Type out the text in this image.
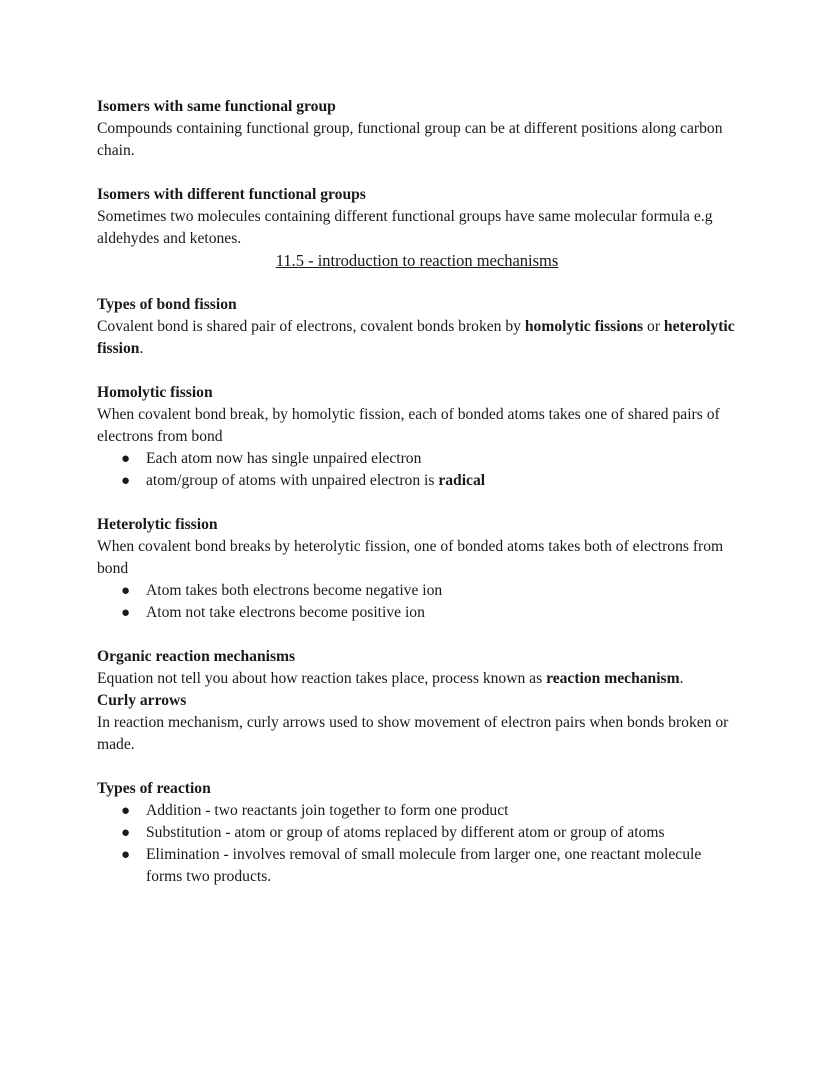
Isomers with same functional group

Compounds containing functional group, functional group can be at different positions along carbon chain.

Isomers with different functional groups

Sometimes two molecules containing different functional groups have same molecular formula e.g aldehydes and ketones.

11.5 - introduction to reaction mechanisms

Types of bond fission

Covalent bond is shared pair of electrons, covalent bonds broken by homolytic fissions or heterolytic fission.

Homolytic fission

When covalent bond break, by homolytic fission, each of bonded atoms takes one of shared pairs of electrons from bond

● Each atom now has single unpaired electron
● atom/group of atoms with unpaired electron is radical

Heterolytic fission

When covalent bond breaks by heterolytic fission, one of bonded atoms takes both of electrons from bond

● Atom takes both electrons become negative ion
● Atom not take electrons become positive ion

Organic reaction mechanisms

Equation not tell you about how reaction takes place, process known as reaction mechanism.

Curly arrows

In reaction mechanism, curly arrows used to show movement of electron pairs when bonds broken or made.

Types of reaction

● Addition - two reactants join together to form one product
● Substitution - atom or group of atoms replaced by different atom or group of atoms
● Elimination - involves removal of small molecule from larger one, one reactant molecule forms two products.
